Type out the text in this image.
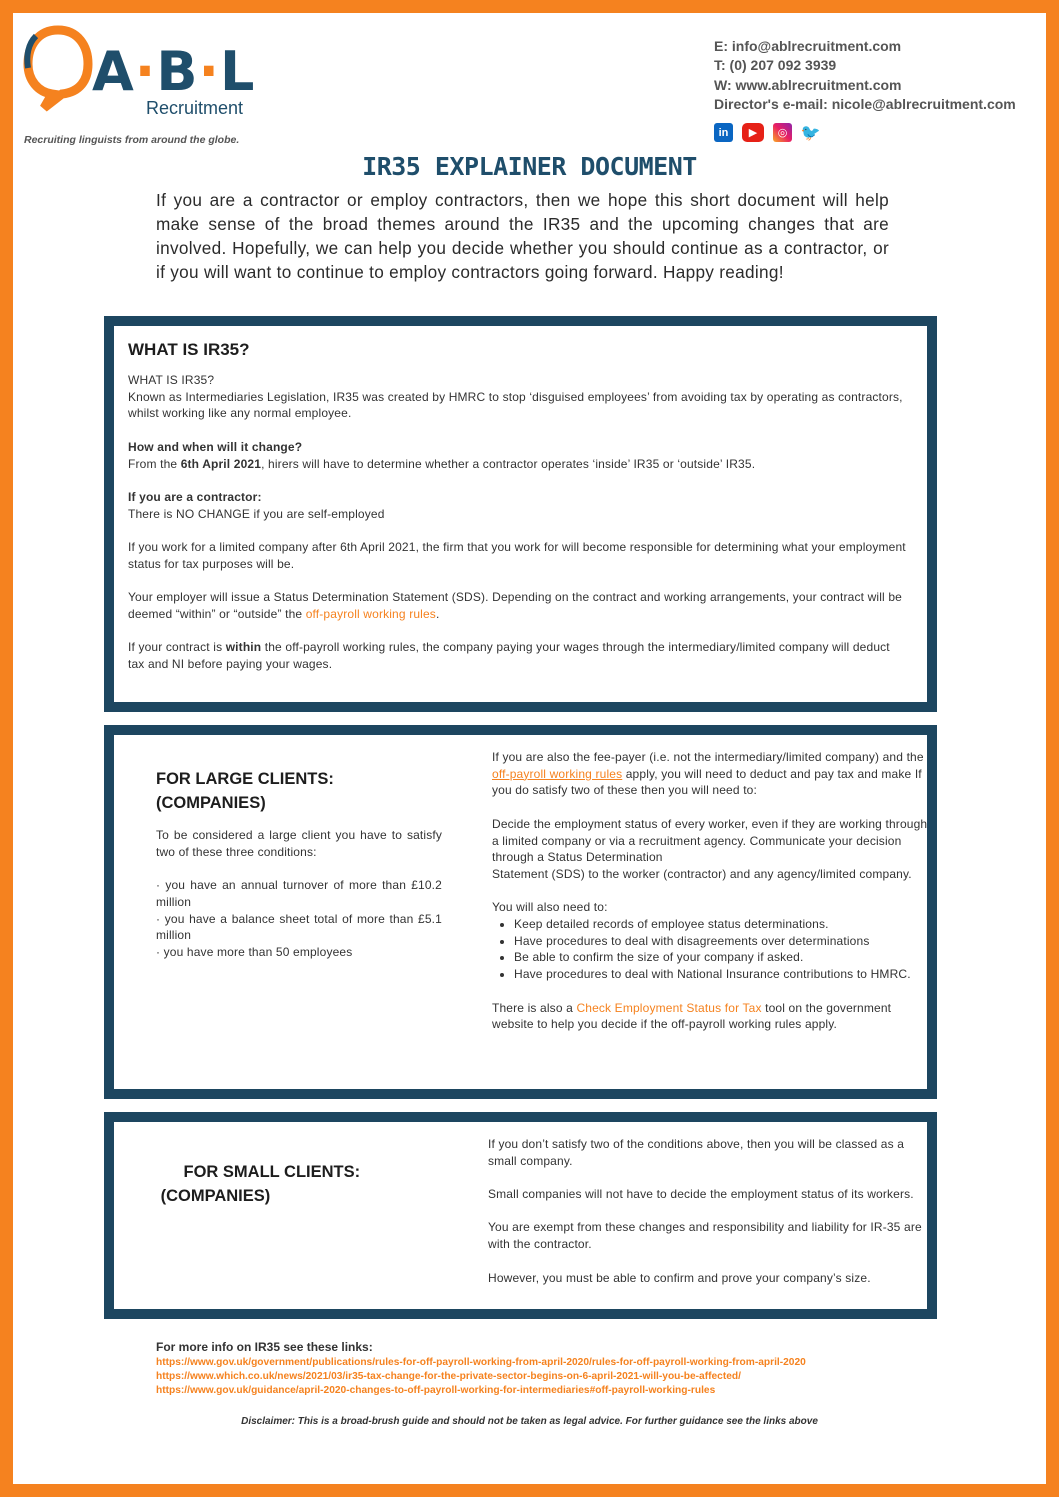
A·B·L
Recruitment
Recruiting linguists from around the globe.
E: info@ablrecruitment.com
T: (0) 207 092 3939
W: www.ablrecruitment.com
Director's e-mail: nicole@ablrecruitment.com
in	▶	◎ 🐦
IR35 EXPLAINER DOCUMENT
If you are a contractor or employ contractors, then we hope this short document will help make sense of the broad themes around the IR35 and the upcoming changes that are involved. Hopefully, we can help you decide whether you should continue as a contractor, or if you will want to continue to employ contractors going forward. Happy reading!
WHAT IS IR35?
WHAT IS IR35?
Known as Intermediaries Legislation, IR35 was created by HMRC to stop ‘disguised employees’ from avoiding tax by operating as contractors, whilst working like any normal employee.
How and when will it change?
From the 6th April 2021, hirers will have to determine whether a contractor operates ‘inside’ IR35 or ‘outside’ IR35.
If you are a contractor:
There is NO CHANGE if you are self-employed
If you work for a limited company after 6th April 2021, the firm that you work for will become responsible for determining what your employment status for tax purposes will be.
Your employer will issue a Status Determination Statement (SDS). Depending on the contract and working arrangements, your contract will be deemed “within” or “outside” the off-payroll working rules.
If your contract is within the off-payroll working rules, the company paying your wages through the intermediary/limited company will deduct tax and NI before paying your wages.
FOR LARGE CLIENTS:
(COMPANIES)
To be considered a large client you have to satisfy two of these three conditions:
· you have an annual turnover of more than £10.2 million
· you have a balance sheet total of more than £5.1 million
· you have more than 50 employees
If you are also the fee-payer (i.e. not the intermediary/limited company) and the off-payroll working rules apply, you will need to deduct and pay tax and make If you do satisfy two of these then you will need to:
Decide the employment status of every worker, even if they are working through a limited company or via a recruitment agency. Communicate your decision through a Status Determination
Statement (SDS) to the worker (contractor) and any agency/limited company.
You will also need to:
• Keep detailed records of employee status determinations.
• Have procedures to deal with disagreements over determinations
• Be able to confirm the size of your company if asked.
• Have procedures to deal with National Insurance contributions to HMRC.
There is also a Check Employment Status for Tax tool on the government website to help you decide if the off-payroll working rules apply.

FOR SMALL CLIENTS:
(COMPANIES)

If you don’t satisfy two of the conditions above, then you will be classed as a small company.
Small companies will not have to decide the employment status of its workers.
You are exempt from these changes and responsibility and liability for IR-35 are with the contractor.
However, you must be able to confirm and prove your company’s size.
For more info on IR35 see these links:
https://www.gov.uk/government/publications/rules-for-off-payroll-working-from-april-2020/rules-for-off-payroll-working-from-april-2020
https://www.which.co.uk/news/2021/03/ir35-tax-change-for-the-private-sector-begins-on-6-april-2021-will-you-be-affected/
https://www.gov.uk/guidance/april-2020-changes-to-off-payroll-working-for-intermediaries#off-payroll-working-rules
Disclaimer: This is a broad-brush guide and should not be taken as legal advice. For further guidance see the links above
